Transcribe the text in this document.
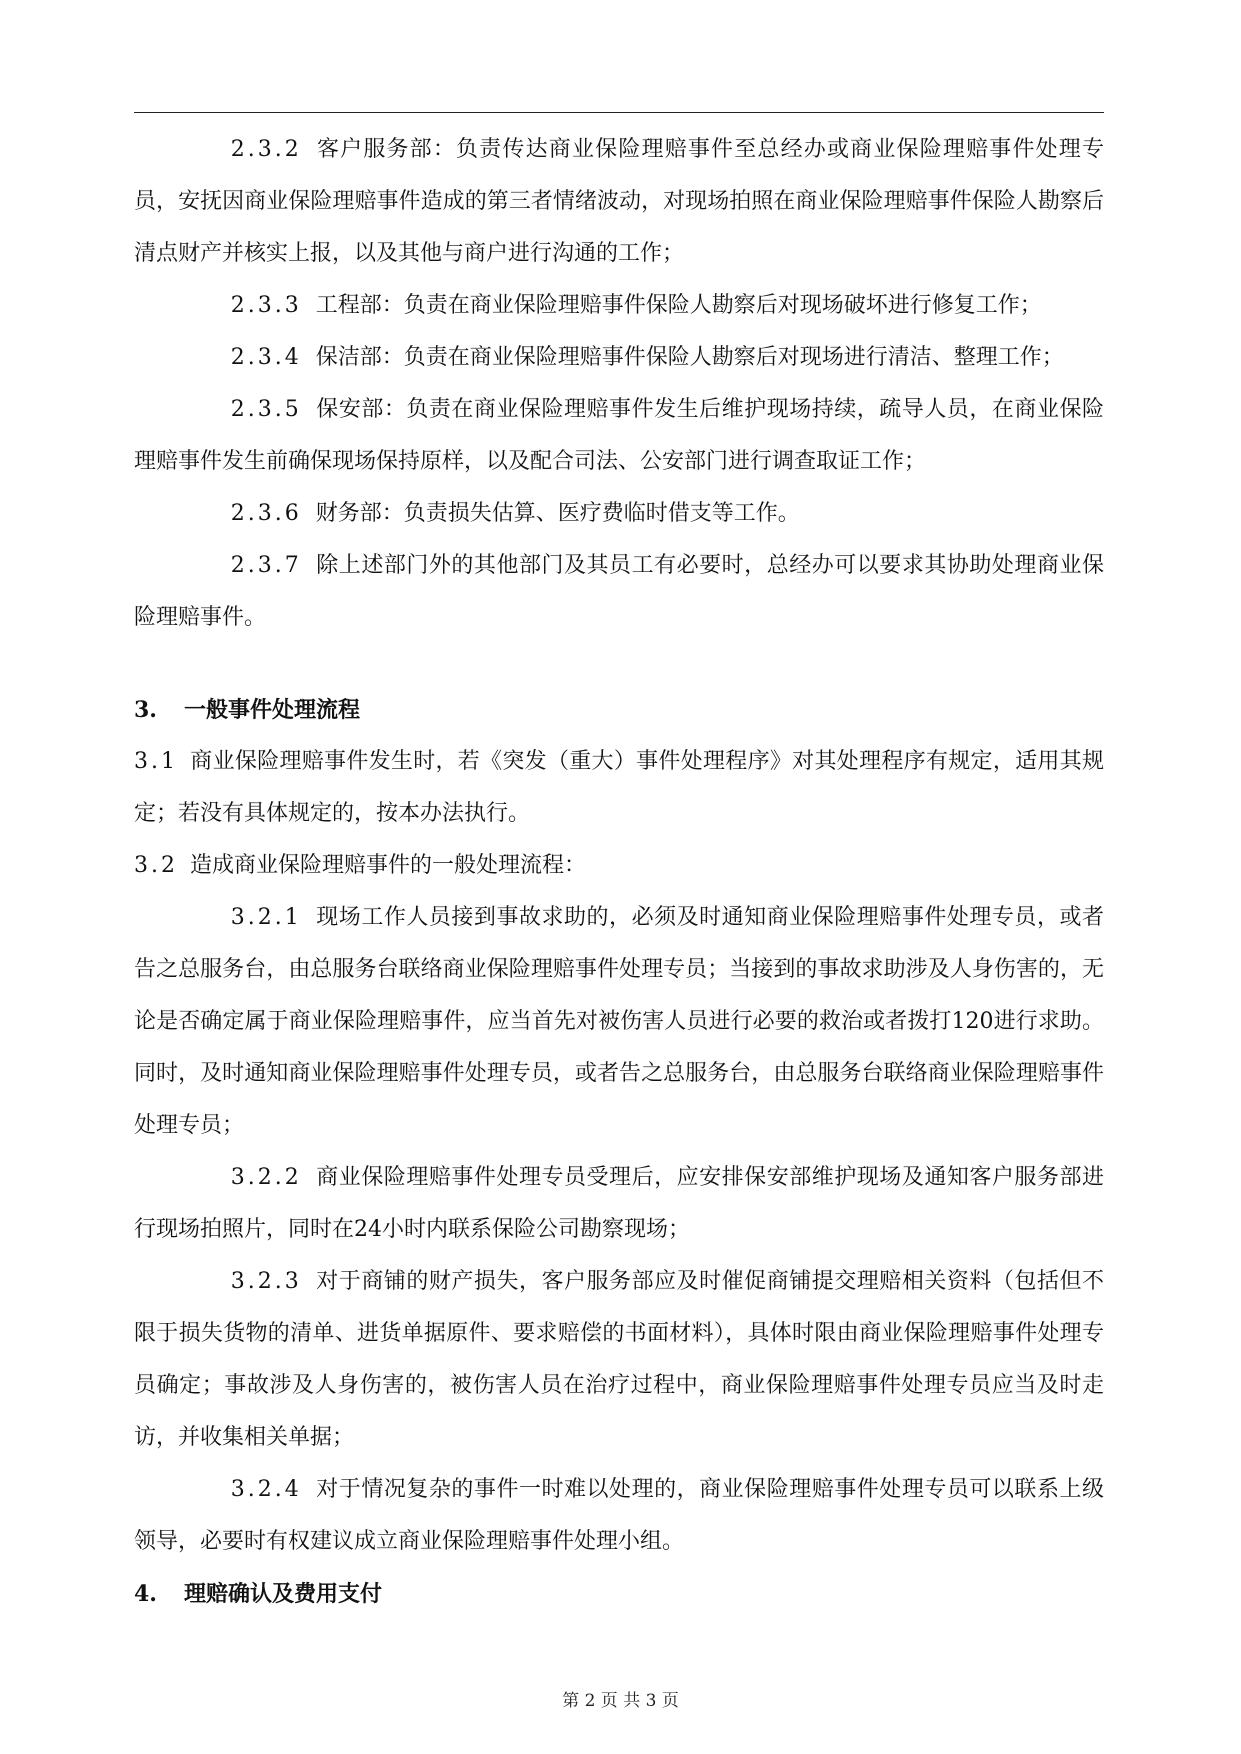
2.3.2 客户服务部：负责传达商业保险理赔事件至总经办或商业保险理赔事件处理专员，安抚因商业保险理赔事件造成的第三者情绪波动，对现场拍照在商业保险理赔事件保险人勘察后清点财产并核实上报，以及其他与商户进行沟通的工作；

2.3.3 工程部：负责在商业保险理赔事件保险人勘察后对现场破坏进行修复工作；

2.3.4 保洁部：负责在商业保险理赔事件保险人勘察后对现场进行清洁、整理工作；

2.3.5 保安部：负责在商业保险理赔事件发生后维护现场持续，疏导人员，在商业保险理赔事件发生前确保现场保持原样，以及配合司法、公安部门进行调查取证工作；

2.3.6 财务部：负责损失估算、医疗费临时借支等工作。

2.3.7 除上述部门外的其他部门及其员工有必要时，总经办可以要求其协助处理商业保险理赔事件。

3. 一般事件处理流程

3.1 商业保险理赔事件发生时，若《突发（重大）事件处理程序》对其处理程序有规定，适用其规定；若没有具体规定的，按本办法执行。

3.2 造成商业保险理赔事件的一般处理流程：

3.2.1 现场工作人员接到事故求助的，必须及时通知商业保险理赔事件处理专员，或者告之总服务台，由总服务台联络商业保险理赔事件处理专员；当接到的事故求助涉及人身伤害的，无论是否确定属于商业保险理赔事件，应当首先对被伤害人员进行必要的救治或者拨打120进行求助。同时，及时通知商业保险理赔事件处理专员，或者告之总服务台，由总服务台联络商业保险理赔事件处理专员；

3.2.2 商业保险理赔事件处理专员受理后，应安排保安部维护现场及通知客户服务部进行现场拍照片，同时在24小时内联系保险公司勘察现场；

3.2.3 对于商铺的财产损失，客户服务部应及时催促商铺提交理赔相关资料（包括但不限于损失货物的清单、进货单据原件、要求赔偿的书面材料），具体时限由商业保险理赔事件处理专员确定；事故涉及人身伤害的，被伤害人员在治疗过程中，商业保险理赔事件处理专员应当及时走访，并收集相关单据；

3.2.4 对于情况复杂的事件一时难以处理的，商业保险理赔事件处理专员可以联系上级领导，必要时有权建议成立商业保险理赔事件处理小组。

4. 理赔确认及费用支付

第 2 页 共 3 页
